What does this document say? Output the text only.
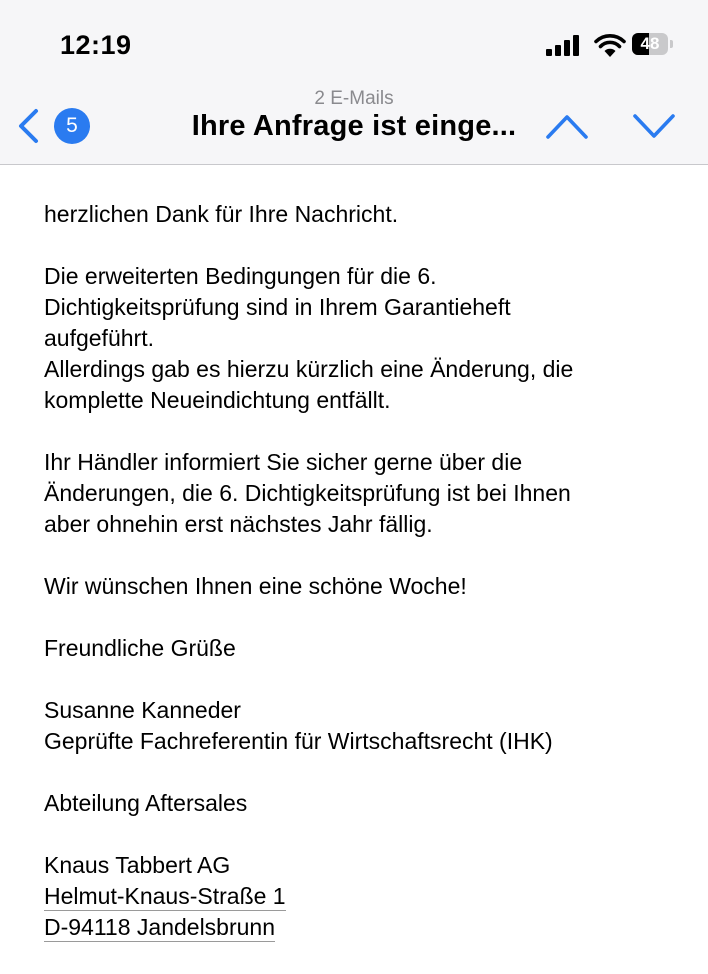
12:19	48
5
2 E-Mails
Ihre Anfrage ist einge...

herzlichen Dank für Ihre Nachricht.

Die erweiterten Bedingungen für die 6.
Dichtigkeitsprüfung sind in Ihrem Garantieheft
aufgeführt.
Allerdings gab es hierzu kürzlich eine Änderung, die
komplette Neueindichtung entfällt.

Ihr Händler informiert Sie sicher gerne über die
Änderungen, die 6. Dichtigkeitsprüfung ist bei Ihnen
aber ohnehin erst nächstes Jahr fällig.

Wir wünschen Ihnen eine schöne Woche!

Freundliche Grüße

Susanne Kanneder
Geprüfte Fachreferentin für Wirtschaftsrecht (IHK)

Abteilung Aftersales

Knaus Tabbert AG
Helmut-Knaus-Straße 1
D-94118 Jandelsbrunn
